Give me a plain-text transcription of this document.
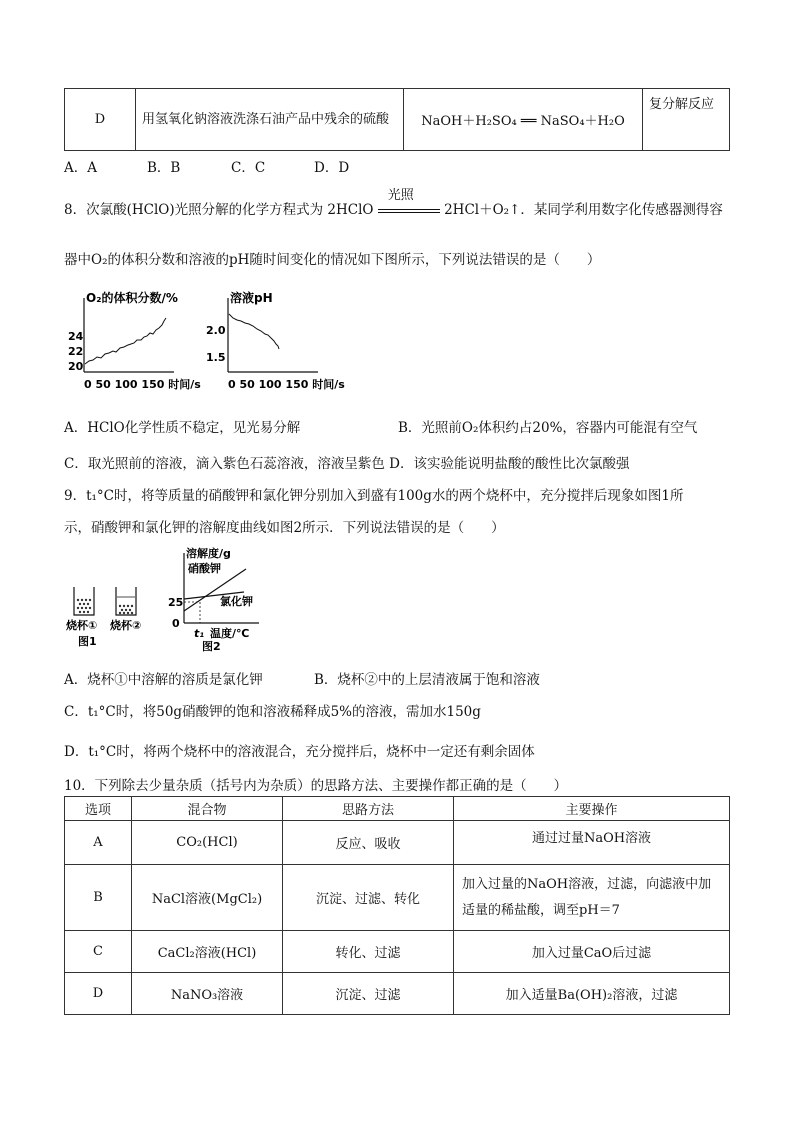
D	用氢氧化钠溶液洗涤石油产品中残余的硫酸	NaOH＋H₂SO₄ ══ NaSO₄＋H₂O	复分解反应
A．A	B．B	C．C	D．D
8．次氯酸(HClO)光照分解的化学方程式为 2HClO
光照
2HCl＋O₂↑．某同学利用数字化传感器测得容
器中O₂的体积分数和溶液的pH随时间变化的情况如下图所示，下列说法错误的是（　　）
O₂的体积分数/%
24
22
20
0 50 100 150 时间/s
溶液pH
2.0
1.5
0 50 100 150 时间/s
A．HClO化学性质不稳定，见光易分解	B．光照前O₂体积约占20%，容器内可能混有空气
C．取光照前的溶液，滴入紫色石蕊溶液，溶液呈紫色 D．该实验能说明盐酸的酸性比次氯酸强
9．t₁°C时，将等质量的硝酸钾和氯化钾分别加入到盛有100g水的两个烧杯中，充分搅拌后现象如图1所
示，硝酸钾和氯化钾的溶解度曲线如图2所示．下列说法错误的是（　　）
烧杯① 烧杯②
图1
溶解度/g
硝酸钾
氯化钾
25
0
t₁ 温度/℃
图2
A．烧杯①中溶解的溶质是氯化钾	B．烧杯②中的上层清液属于饱和溶液
C．t₁°C时，将50g硝酸钾的饱和溶液稀释成5%的溶液，需加水150g
D．t₁°C时，将两个烧杯中的溶液混合，充分搅拌后，烧杯中一定还有剩余固体
10．下列除去少量杂质（括号内为杂质）的思路方法、主要操作都正确的是（　　）
选项	混合物	思路方法	主要操作
A	CO₂(HCl)	反应、吸收	通过过量NaOH溶液
B	NaCl溶液(MgCl₂)	沉淀、过滤、转化	加入过量的NaOH溶液，过滤，向滤液中加适量的稀盐酸，调至pH＝7
C	CaCl₂溶液(HCl)	转化、过滤	加入过量CaO后过滤
D	NaNO₃溶液	沉淀、过滤	加入适量Ba(OH)₂溶液，过滤
